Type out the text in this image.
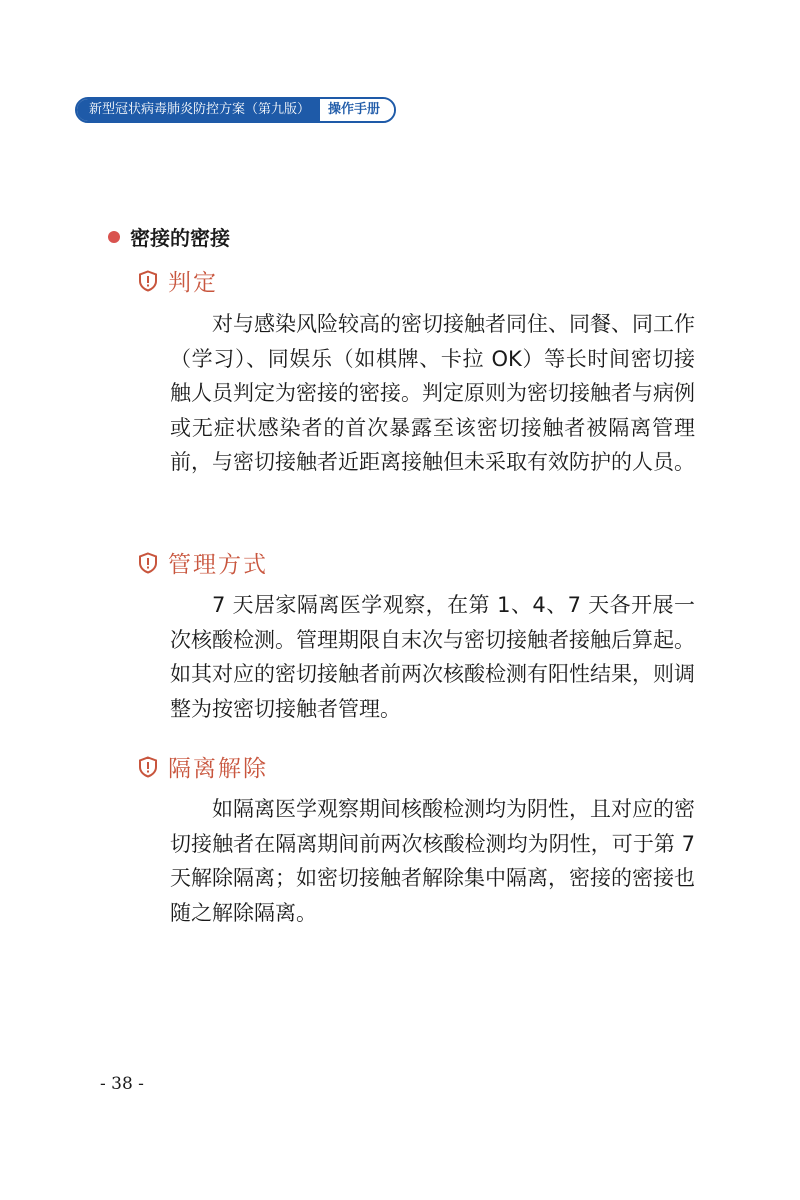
新型冠状病毒肺炎防控方案（第九版）	操作手册
密接的密接
判定

对与感染风险较高的密切接触者同住、同餐、同工作（学习）、同娱乐（如棋牌、卡拉 OK）等长时间密切接触人员判定为密接的密接。判定原则为密切接触者与病例或无症状感染者的首次暴露至该密切接触者被隔离管理前，与密切接触者近距离接触但未采取有效防护的人员。

管理方式

7 天居家隔离医学观察，在第 1、4、7 天各开展一次核酸检测。管理期限自末次与密切接触者接触后算起。如其对应的密切接触者前两次核酸检测有阳性结果，则调整为按密切接触者管理。

隔离解除

如隔离医学观察期间核酸检测均为阴性，且对应的密切接触者在隔离期间前两次核酸检测均为阴性，可于第 7 天解除隔离；如密切接触者解除集中隔离，密接的密接也随之解除隔离。

- 38 -
